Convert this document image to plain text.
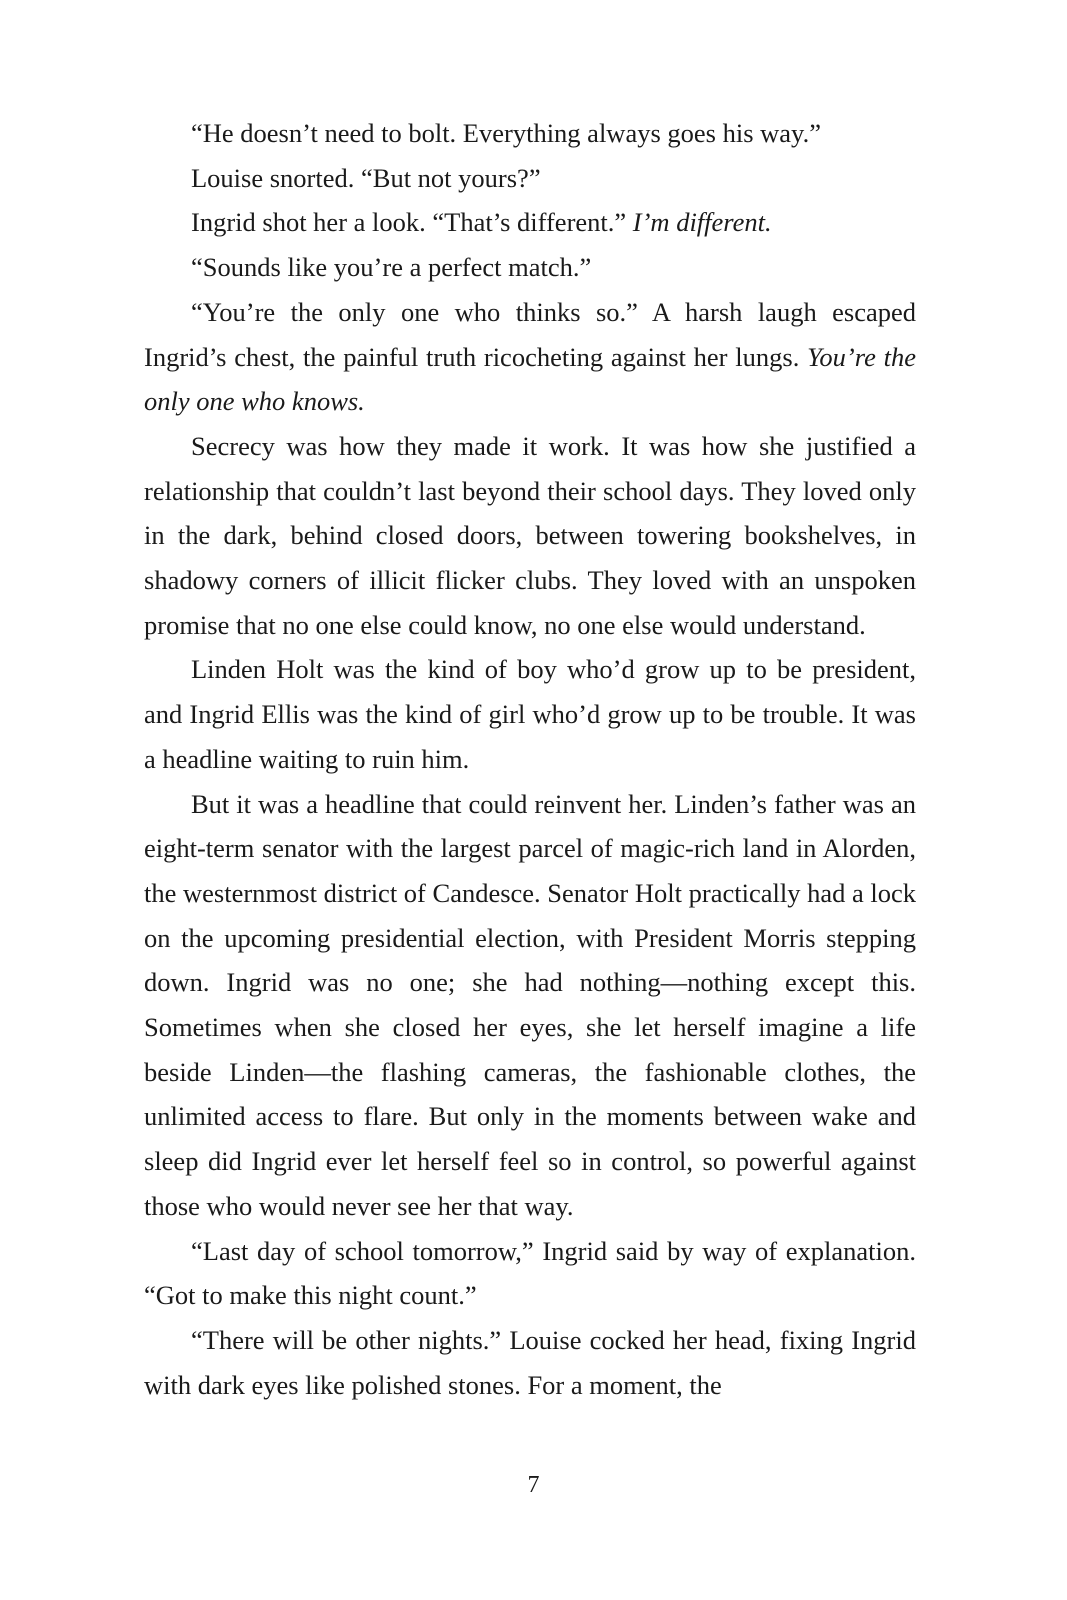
“He doesn’t need to bolt. Everything always goes his way.”

Louise snorted. “But not yours?”

Ingrid shot her a look. “That’s different.” I’m different.

“Sounds like you’re a perfect match.”

“You’re the only one who thinks so.” A harsh laugh escaped Ingrid’s chest, the painful truth ricocheting against her lungs. You’re the only one who knows.

Secrecy was how they made it work. It was how she justified a relationship that couldn’t last beyond their school days. They loved only in the dark, behind closed doors, between towering bookshelves, in shadowy corners of illicit flicker clubs. They loved with an unspoken promise that no one else could know, no one else would understand.

Linden Holt was the kind of boy who’d grow up to be president, and Ingrid Ellis was the kind of girl who’d grow up to be trouble. It was a headline waiting to ruin him.

But it was a headline that could reinvent her. Linden’s father was an eight-term senator with the largest parcel of magic-rich land in Alorden, the westernmost district of Candesce. Senator Holt practically had a lock on the upcoming presidential election, with President Morris stepping down. Ingrid was no one; she had nothing—nothing except this. Sometimes when she closed her eyes, she let herself imagine a life beside Linden—the flashing cameras, the fashionable clothes, the unlimited access to flare. But only in the moments between wake and sleep did Ingrid ever let herself feel so in control, so powerful against those who would never see her that way.

“Last day of school tomorrow,” Ingrid said by way of explanation. “Got to make this night count.”

“There will be other nights.” Louise cocked her head, fixing Ingrid with dark eyes like polished stones. For a moment, the

7
